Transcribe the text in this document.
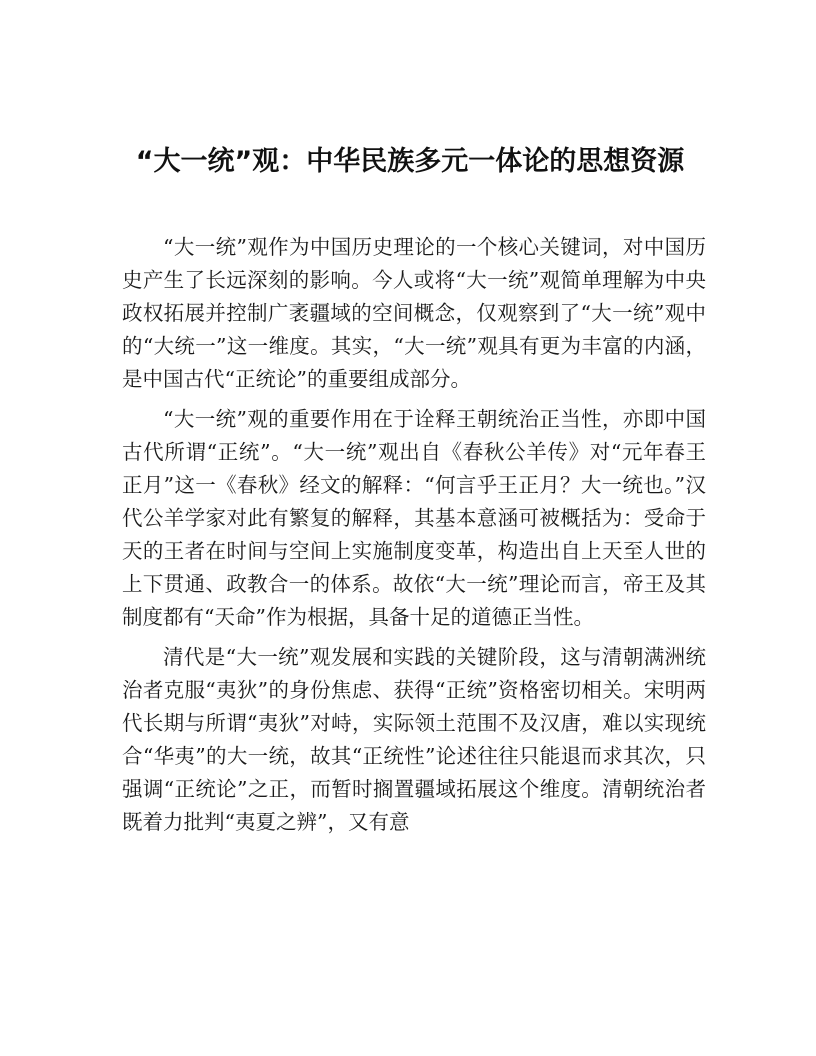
“大一统”观：中华民族多元一体论的思想资源

“大一统”观作为中国历史理论的一个核心关键词，对中国历史产生了长远深刻的影响。今人或将“大一统”观简单理解为中央政权拓展并控制广袤疆域的空间概念，仅观察到了“大一统”观中的“大统一”这一维度。其实，“大一统”观具有更为丰富的内涵，是中国古代“正统论”的重要组成部分。

“大一统”观的重要作用在于诠释王朝统治正当性，亦即中国古代所谓“正统”。“大一统”观出自《春秋公羊传》对“元年春王正月”这一《春秋》经文的解释：“何言乎王正月？大一统也。”汉代公羊学家对此有繁复的解释，其基本意涵可被概括为：受命于天的王者在时间与空间上实施制度变革，构造出自上天至人世的上下贯通、政教合一的体系。故依“大一统”理论而言，帝王及其制度都有“天命”作为根据，具备十足的道德正当性。

清代是“大一统”观发展和实践的关键阶段，这与清朝满洲统治者克服“夷狄”的身份焦虑、获得“正统”资格密切相关。宋明两代长期与所谓“夷狄”对峙，实际领土范围不及汉唐，难以实现统合“华夷”的大一统，故其“正统性”论述往往只能退而求其次，只强调“正统论”之正，而暂时搁置疆域拓展这个维度。清朝统治者既着力批判“夷夏之辨”，又有意
